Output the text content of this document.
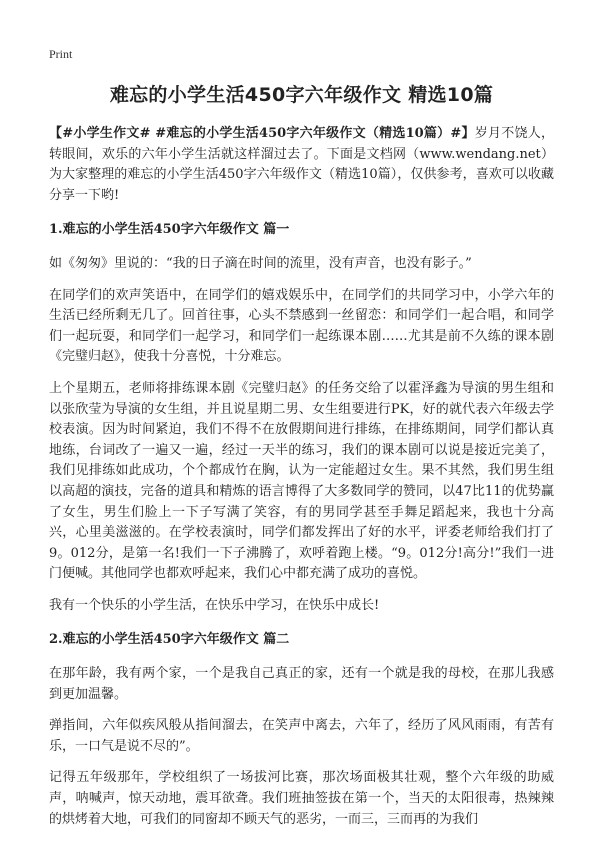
Print
难忘的小学生活450字六年级作文 精选10篇

【#小学生作文# #难忘的小学生活450字六年级作文（精选10篇）#】岁月不饶人，转眼间，欢乐的六年小学生活就这样溜过去了。下面是文档网（www.wendang.net）为大家整理的难忘的小学生活450字六年级作文（精选10篇），仅供参考，喜欢可以收藏分享一下哟!

1.难忘的小学生活450字六年级作文 篇一

如《匆匆》里说的：“我的日子滴在时间的流里，没有声音，也没有影子。”

在同学们的欢声笑语中，在同学们的嬉戏娱乐中，在同学们的共同学习中，小学六年的生活已经所剩无几了。回首往事，心头不禁感到一丝留恋：和同学们一起合唱，和同学们一起玩耍，和同学们一起学习，和同学们一起练课本剧……尤其是前不久练的课本剧《完璧归赵》，使我十分喜悦，十分难忘。

上个星期五，老师将排练课本剧《完璧归赵》的任务交给了以霍泽鑫为导演的男生组和以张欣莹为导演的女生组，并且说星期二男、女生组要进行PK，好的就代表六年级去学校表演。因为时间紧迫，我们不得不在放假期间进行排练，在排练期间，同学们都认真地练，台词改了一遍又一遍，经过一天半的练习，我们的课本剧可以说是接近完美了，我们见排练如此成功，个个都成竹在胸，认为一定能超过女生。果不其然，我们男生组以高超的演技，完备的道具和精炼的语言博得了大多数同学的赞同，以47比11的优势赢了女生，男生们脸上一下子写满了笑容，有的男同学甚至手舞足蹈起来，我也十分高兴，心里美滋滋的。在学校表演时，同学们都发挥出了好的水平，评委老师给我们打了9。012分，是第一名!我们一下子沸腾了，欢呼着跑上楼。“9。012分!高分!”我们一进门便喊。其他同学也都欢呼起来，我们心中都充满了成功的喜悦。

我有一个快乐的小学生活，在快乐中学习，在快乐中成长!

2.难忘的小学生活450字六年级作文 篇二

在那年龄，我有两个家，一个是我自己真正的家，还有一个就是我的母校，在那儿我感到更加温馨。

弹指间，六年似疾风般从指间溜去，在笑声中离去，六年了，经历了风风雨雨，有苦有乐，一口气是说不尽的”。

记得五年级那年，学校组织了一场拔河比赛，那次场面极其壮观，整个六年级的助威声，呐喊声，惊天动地，震耳欲聋。我们班抽签拔在第一个，当天的太阳很毒，热辣辣的烘烤着大地，可我们的同窗却不顾天气的恶劣，一而三，三而再的为我们
